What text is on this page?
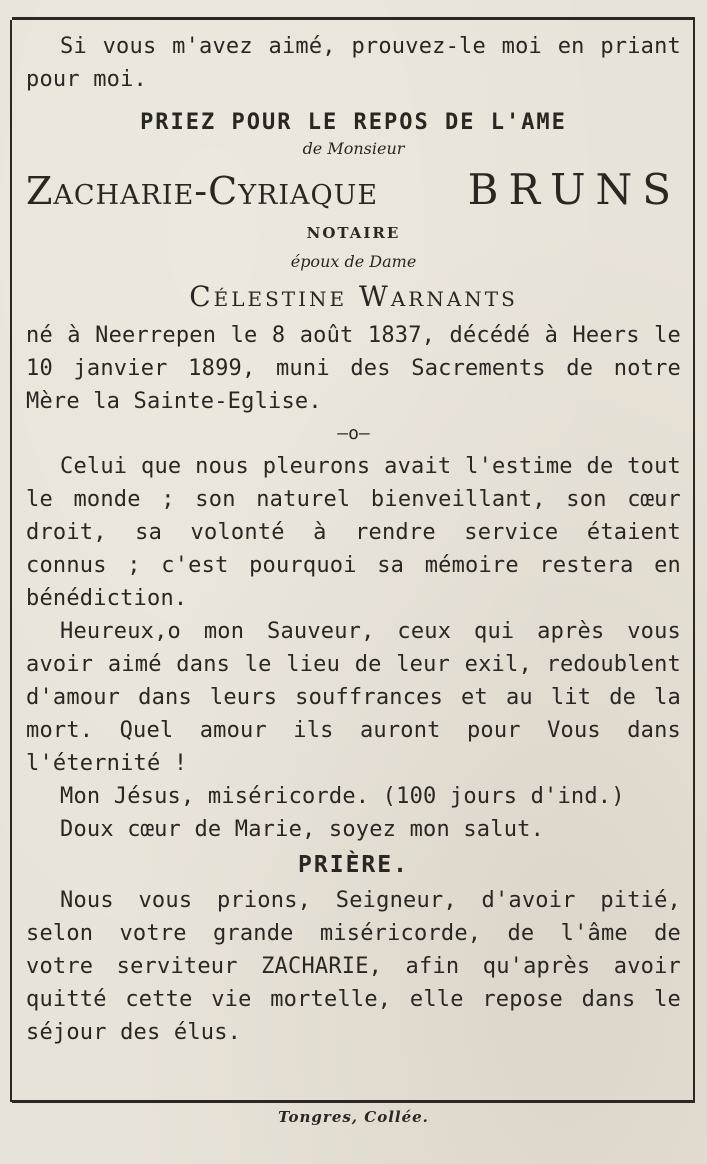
Si vous m'avez aimé, prouvez-le moi en priant pour moi.

PRIEZ POUR LE REPOS DE L'AME

de Monsieur

Zacharie-Cyriaque BRUNS

NOTAIRE

époux de Dame

Célestine Warnants

né à Neerrepen le 8 août 1837, décédé à Heers le 10 janvier 1899, muni des Sacrements de notre Mère la Sainte-Eglise.

—o—

Celui que nous pleurons avait l'estime de tout le monde ; son naturel bienveillant, son cœur droit, sa volonté à rendre service étaient connus ; c'est pourquoi sa mémoire restera en bénédiction.

Heureux,o mon Sauveur, ceux qui après vous avoir aimé dans le lieu de leur exil, redoublent d'amour dans leurs souffrances et au lit de la mort. Quel amour ils auront pour Vous dans l'éternité !

Mon Jésus, miséricorde. (100 jours d'ind.)

Doux cœur de Marie, soyez mon salut.

PRIÈRE.

Nous vous prions, Seigneur, d'avoir pitié, selon votre grande miséricorde, de l'âme de votre serviteur ZACHARIE, afin qu'après avoir quitté cette vie mortelle, elle repose dans le séjour des élus.

Tongres, Collée.
